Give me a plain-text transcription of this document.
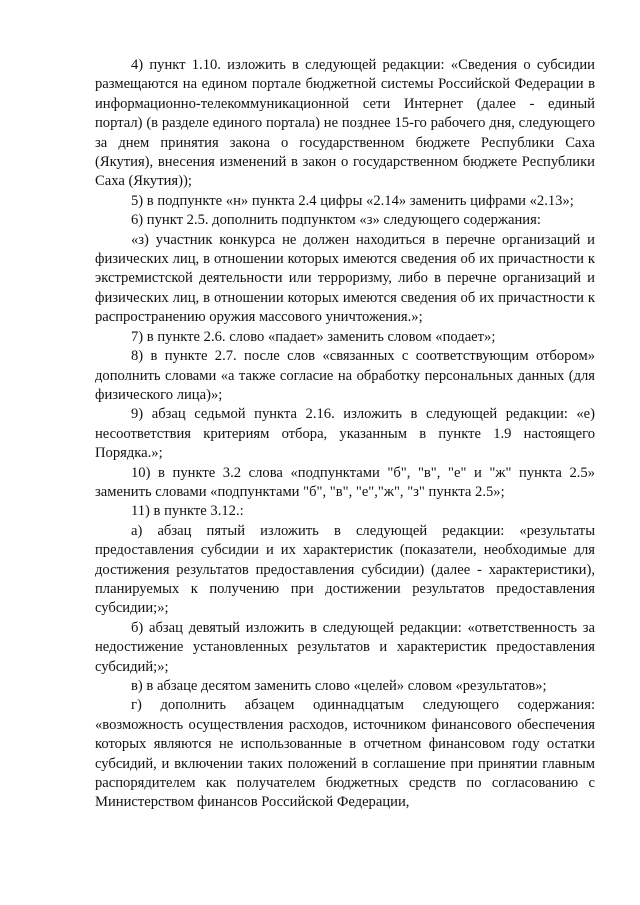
4) пункт 1.10. изложить в следующей редакции: «Сведения о субсидии размещаются на едином портале бюджетной системы Российской Федерации в информационно-телекоммуникационной сети Интернет (далее - единый портал) (в разделе единого портала) не позднее 15-го рабочего дня, следующего за днем принятия закона о государственном бюджете Республики Саха (Якутия), внесения изменений в закон о государственном бюджете Республики Саха (Якутия));

5) в подпункте «н» пункта 2.4 цифры «2.14» заменить цифрами «2.13»;

6) пункт 2.5. дополнить подпунктом «з» следующего содержания:

«з) участник конкурса не должен находиться в перечне организаций и физических лиц, в отношении которых имеются сведения об их причастности к экстремистской деятельности или терроризму, либо в перечне организаций и физических лиц, в отношении которых имеются сведения об их причастности к распространению оружия массового уничтожения.»;

7) в пункте 2.6. слово «падает» заменить словом «подает»;

8) в пункте 2.7. после слов «связанных с соответствующим отбором» дополнить словами «а также согласие на обработку персональных данных (для физического лица)»;

9) абзац седьмой пункта 2.16. изложить в следующей редакции: «е) несоответствия критериям отбора, указанным в пункте 1.9 настоящего Порядка.»;

10) в пункте 3.2 слова «подпунктами "б", "в", "е" и "ж" пункта 2.5» заменить словами «подпунктами "б", "в", "е","ж", "з" пункта 2.5»;

11) в пункте 3.12.:

а) абзац пятый изложить в следующей редакции: «результаты предоставления субсидии и их характеристик (показатели, необходимые для достижения результатов предоставления субсидии) (далее - характеристики), планируемых к получению при достижении результатов предоставления субсидии;»;

б) абзац девятый изложить в следующей редакции: «ответственность за недостижение установленных результатов и характеристик предоставления субсидий;»;

в) в абзаце десятом заменить слово «целей» словом «результатов»;

г) дополнить абзацем одиннадцатым следующего содержания: «возможность осуществления расходов, источником финансового обеспечения которых являются не использованные в отчетном финансовом году остатки субсидий, и включении таких положений в соглашение при принятии главным распорядителем как получателем бюджетных средств по согласованию с Министерством финансов Российской Федерации,
